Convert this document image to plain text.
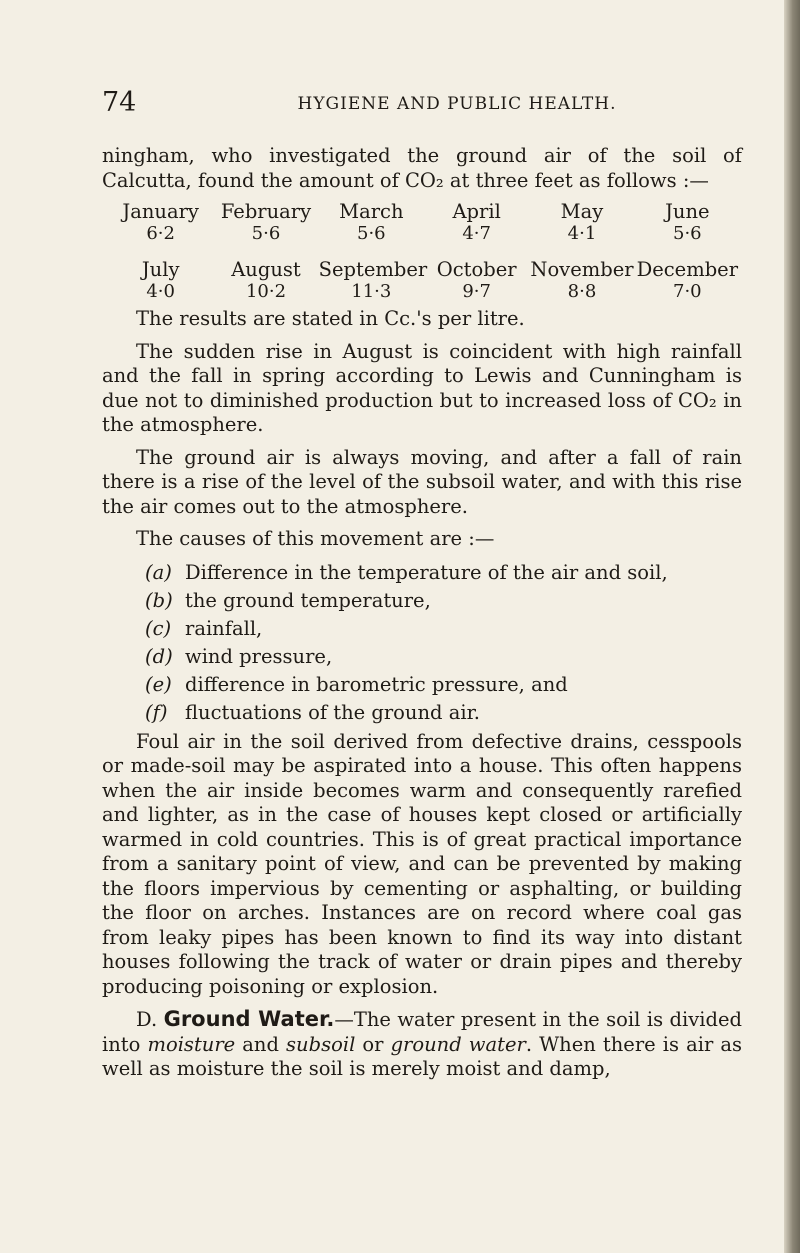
74	HYGIENE AND PUBLIC HEALTH.

ningham, who investigated the ground air of the soil of Calcutta, found the amount of CO₂ at three feet as follows :—

January	February	March	April	May	June
6·2	5·6	5·6	4·7	4·1	5·6

July	August	September	October	November	December
4·0	10·2	11·3	9·7	8·8	7·0

The results are stated in Cc.'s per litre.

The sudden rise in August is coincident with high rainfall and the fall in spring according to Lewis and Cunningham is due not to diminished production but to increased loss of CO₂ in the atmosphere.

The ground air is always moving, and after a fall of rain there is a rise of the level of the subsoil water, and with this rise the air comes out to the atmosphere.

The causes of this movement are :—

(a) Difference in the temperature of the air and soil,
(b) the ground temperature,
(c) rainfall,
(d) wind pressure,
(e) difference in barometric pressure, and
(f) fluctuations of the ground air.

Foul air in the soil derived from defective drains, cesspools or made-soil may be aspirated into a house. This often happens when the air inside becomes warm and consequently rarefied and lighter, as in the case of houses kept closed or artificially warmed in cold countries. This is of great practical importance from a sanitary point of view, and can be prevented by making the floors impervious by cementing or asphalting, or building the floor on arches. Instances are on record where coal gas from leaky pipes has been known to find its way into distant houses following the track of water or drain pipes and thereby producing poisoning or explosion.

D. Ground Water.—The water present in the soil is divided into moisture and subsoil or ground water. When there is air as well as moisture the soil is merely moist and damp,
